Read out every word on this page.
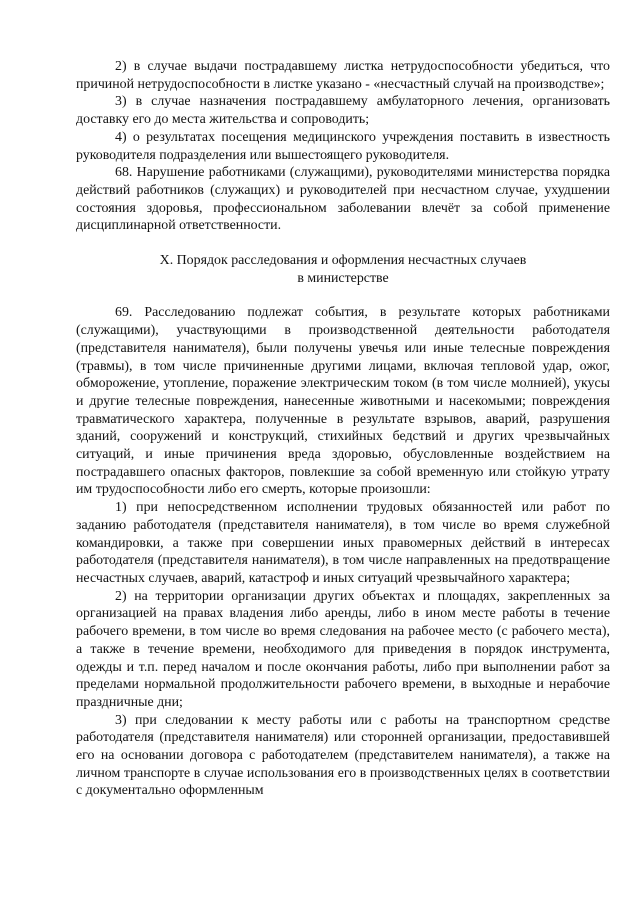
2) в случае выдачи пострадавшему листка нетрудоспособности убедиться, что причиной нетрудоспособности в листке указано - «несчастный случай на производстве»;

3) в случае назначения пострадавшему амбулаторного лечения, организовать доставку его до места жительства и сопроводить;

4) о результатах посещения медицинского учреждения поставить в известность руководителя подразделения или вышестоящего руководителя.

68. Нарушение работниками (служащими), руководителями министерства порядка действий работников (служащих) и руководителей при несчастном случае, ухудшении состояния здоровья, профессиональном заболевании влечёт за собой применение дисциплинарной ответственности.

X. Порядок расследования и оформления несчастных случаев

в министерстве

69. Расследованию подлежат события, в результате которых работниками (служащими), участвующими в производственной деятельности работодателя (представителя нанимателя), были получены увечья или иные телесные повреждения (травмы), в том числе причиненные другими лицами, включая тепловой удар, ожог, обморожение, утопление, поражение электрическим током (в том числе молнией), укусы и другие телесные повреждения, нанесенные животными и насекомыми; повреждения травматического характера, полученные в результате взрывов, аварий, разрушения зданий, сооружений и конструкций, стихийных бедствий и других чрезвычайных ситуаций, и иные причинения вреда здоровью, обусловленные воздействием на пострадавшего опасных факторов, повлекшие за собой временную или стойкую утрату им трудоспособности либо его смерть, которые произошли:

1) при непосредственном исполнении трудовых обязанностей или работ по заданию работодателя (представителя нанимателя), в том числе во время служебной командировки, а также при совершении иных правомерных действий в интересах работодателя (представителя нанимателя), в том числе направленных на предотвращение несчастных случаев, аварий, катастроф и иных ситуаций чрезвычайного характера;

2) на территории организации других объектах и площадях, закрепленных за организацией на правах владения либо аренды, либо в ином месте работы в течение рабочего времени, в том числе во время следования на рабочее место (с рабочего места), а также в течение времени, необходимого для приведения в порядок инструмента, одежды и т.п. перед началом и после окончания работы, либо при выполнении работ за пределами нормальной продолжительности рабочего времени, в выходные и нерабочие праздничные дни;

3) при следовании к месту работы или с работы на транспортном средстве работодателя (представителя нанимателя) или сторонней организации, предоставившей его на основании договора с работодателем (представителем нанимателя), а также на личном транспорте в случае использования его в производственных целях в соответствии с документально оформленным
